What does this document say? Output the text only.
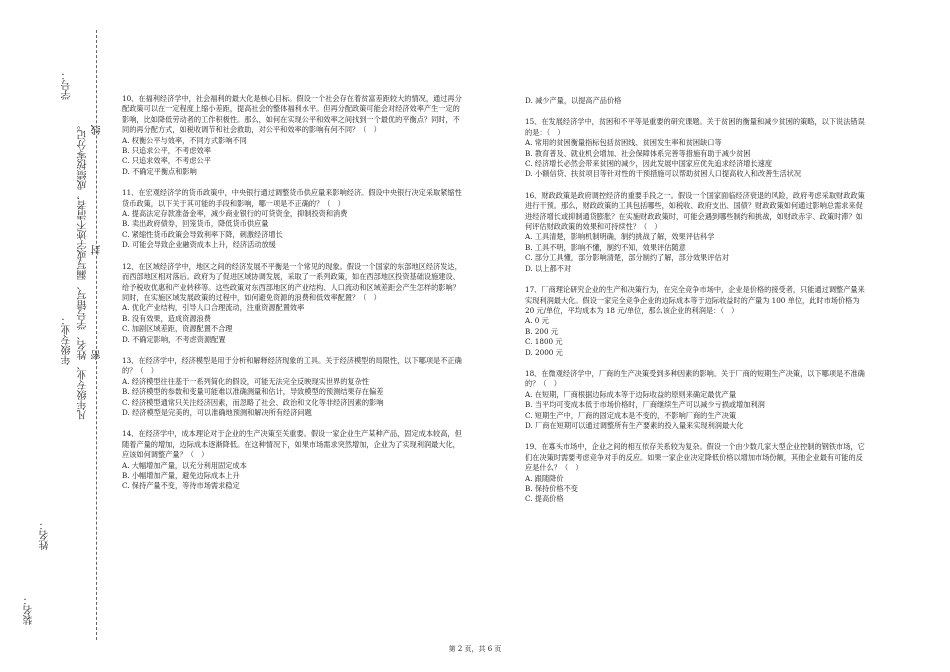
姓名：
年级专业： 凡年级专业、姓名、学号错写、漏写或字迹不清者，成绩按零分记。
学号：
密
封
线
装名：

10、在福利经济学中，社会福利的最大化是核心目标。假设一个社会存在着贫富差距较大的情况，通过再分配政策可以在一定程度上缩小差距，提高社会的整体福利水平。但再分配政策可能会对经济效率产生一定的影响，比如降低劳动者的工作积极性。那么，如何在实现公平和效率之间找到一个最优的平衡点？同时，不同的再分配方式，如税收调节和社会救助，对公平和效率的影响有何不同？（　）

A. 权衡公平与效率，不同方式影响不同

B. 只追求公平，不考虑效率

C. 只追求效率，不考虑公平

D. 不确定平衡点和影响

11、在宏观经济学的货币政策中，中央银行通过调整货币供应量来影响经济。假设中央银行决定采取紧缩性货币政策，以下关于其可能的手段和影响，哪一项是不正确的？（　）

A. 提高法定存款准备金率，减少商业银行的可贷资金，抑制投资和消费

B. 卖出政府债券，回笼货币，降低货币供应量

C. 紧缩性货币政策会导致利率下降，刺激经济增长

D. 可能会导致企业融资成本上升，经济活动放缓

12、在区域经济学中，地区之间的经济发展不平衡是一个常见的现象。假设一个国家的东部地区经济发达，而西部地区相对落后。政府为了促进区域协调发展，采取了一系列政策，如在西部地区投资基础设施建设、给予税收优惠和产业转移等。这些政策对东西部地区的产业结构、人口流动和区域差距会产生怎样的影响？同时，在实施区域发展政策的过程中，如何避免资源的浪费和低效率配置？（　）

A. 优化产业结构，引导人口合理流动，注重资源配置效率

B. 没有效果，造成资源浪费

C. 加剧区域差距，资源配置不合理

D. 不确定影响，不考虑资源配置

13、在经济学中，经济模型是用于分析和解释经济现象的工具。关于经济模型的局限性，以下哪项是不正确的？（　）

A. 经济模型往往基于一系列简化的假设，可能无法完全反映现实世界的复杂性

B. 经济模型的参数和变量可能难以准确测量和估计，导致模型的预测结果存在偏差

C. 经济模型通常只关注经济因素，而忽略了社会、政治和文化等非经济因素的影响

D. 经济模型是完美的，可以准确地预测和解决所有经济问题

14、在经济学中，成本理论对于企业的生产决策至关重要。假设一家企业生产某种产品，固定成本较高，但随着产量的增加，边际成本逐渐降低。在这种情况下，如果市场需求突然增加，企业为了实现利润最大化，应该如何调整产量？（　）

A. 大幅增加产量，以充分利用固定成本

B. 小幅增加产量，避免边际成本上升

C. 保持产量不变，等待市场需求稳定

D. 减少产量，以提高产品价格

15、在发展经济学中，贫困和不平等是重要的研究课题。关于贫困的衡量和减少贫困的策略，以下说法错误的是：（　）

A. 常用的贫困衡量指标包括贫困线、贫困发生率和贫困缺口等

B. 教育普及、就业机会增加、社会保障体系完善等措施有助于减少贫困

C. 经济增长必然会带来贫困的减少，因此发展中国家应优先追求经济增长速度

D. 小额信贷、扶贫项目等针对性的干预措施可以帮助贫困人口提高收入和改善生活状况

16、财政政策是政府调控经济的重要手段之一。假设一个国家面临经济衰退的风险，政府考虑采取财政政策进行干预。那么，财政政策的工具包括哪些，如税收、政府支出、国债？财政政策如何通过影响总需求来促进经济增长或抑制通货膨胀？在实施财政政策时，可能会遇到哪些制约和挑战，如财政赤字、政策时滞？如何评估财政政策的效果和可持续性？（　）

A. 工具清楚，影响机制明确，制约挑战了解，效果评估科学

B. 工具不明，影响不懂，制约不知，效果评估随意

C. 部分工具懂，部分影响清楚，部分制约了解，部分效果评估对

D. 以上都不对

17、厂商理论研究企业的生产和决策行为，在完全竞争市场中，企业是价格的接受者，只能通过调整产量来实现利润最大化。假设一家完全竞争企业的边际成本等于边际收益时的产量为 100 单位，此时市场价格为 20 元/单位，平均成本为 18 元/单位，那么该企业的利润是：（　）

A. 0 元

B. 200 元

C. 1800 元

D. 2000 元

18、在微观经济学中，厂商的生产决策受到多种因素的影响。关于厂商的短期生产决策，以下哪项是不准确的？（　）

A. 在短期，厂商根据边际成本等于边际收益的原则来确定最优产量

B. 当平均可变成本低于市场价格时，厂商继续生产可以减少亏损或增加利润

C. 短期生产中，厂商的固定成本是不变的，不影响厂商的生产决策

D. 厂商在短期可以通过调整所有生产要素的投入量来实现利润最大化

19、在寡头市场中，企业之间的相互依存关系较为复杂。假设一个由少数几家大型企业控制的钢铁市场，它们在决策时需要考虑竞争对手的反应。如果一家企业决定降低价格以增加市场份额，其他企业最有可能的反应是什么？（　）

A. 跟随降价

B. 保持价格不变

C. 提高价格

第 2 页，共 6 页
